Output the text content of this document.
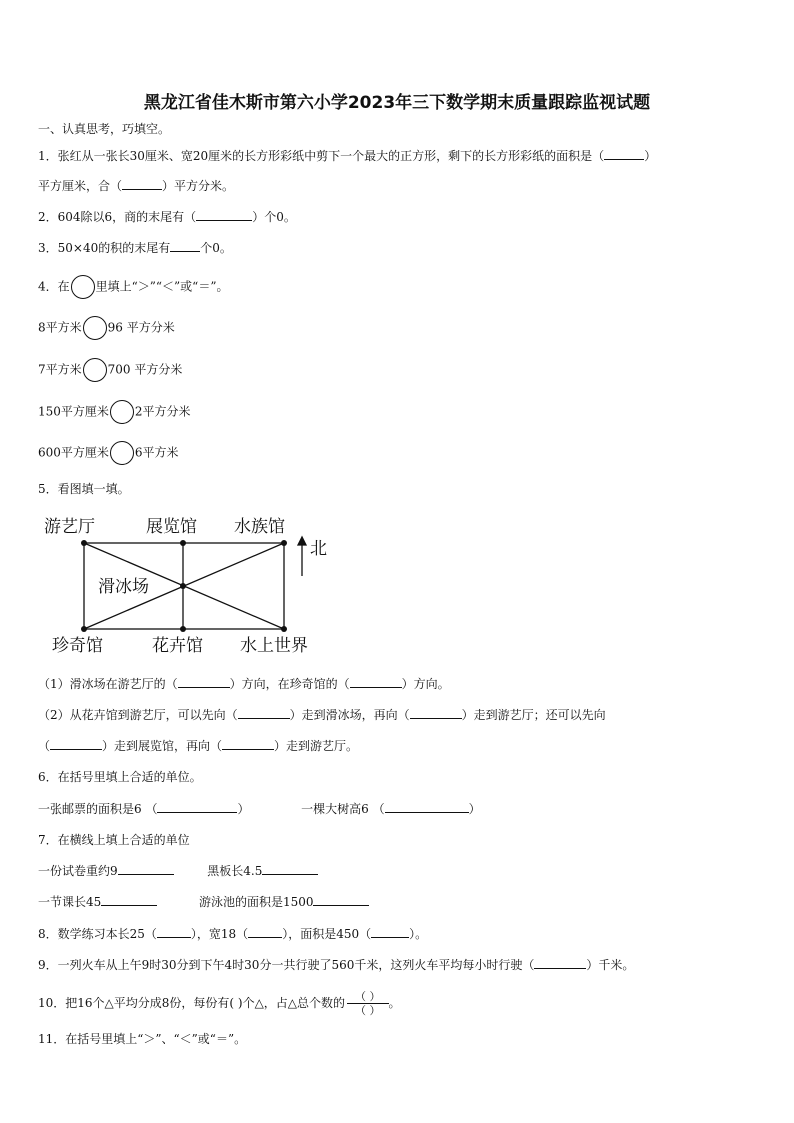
黑龙江省佳木斯市第六小学2023年三下数学期末质量跟踪监视试题
一、认真思考，巧填空。
1．张红从一张长30厘米、宽20厘米的长方形彩纸中剪下一个最大的正方形，剩下的长方形彩纸的面积是（	）
平方厘米，合（	）平方分米。
2．604除以6，商的末尾有（	）个0。
3．50×40的积的末尾有	个0。
4．在 里填上“＞”“＜”或“＝”。
8平方米 96 平方分米
7平方米 700 平方分米
150平方厘米 2平方分米
600平方厘米 6平方米
5．看图填一填。
游艺厅	展览馆 水族馆
滑冰场
珍奇馆	花卉馆 水上世界
北
（1）滑冰场在游艺厅的（	）方向，在珍奇馆的（	）方向。
（2）从花卉馆到游艺厅，可以先向（	）走到滑冰场，再向（	）走到游艺厅；还可以先向
（	）走到展览馆，再向（	）走到游艺厅。
6．在括号里填上合适的单位。
一张邮票的面积是6 （	）	一棵大树高6 （	）
7．在横线上填上合适的单位
一份试卷重约9	黑板长4.5
一节课长45	游泳池的面积是1500
8．数学练习本长25（	），宽18（	），面积是450（	）。
9．一列火车从上午9时30分到下午4时30分一共行驶了560千米，这列火车平均每小时行驶（	）千米。
10．把16个△平均分成8份，每份有( )个△，占△总个数的 $\frac{( )}{( )}$ 。
11．在括号里填上“＞”、“＜”或“＝”。
